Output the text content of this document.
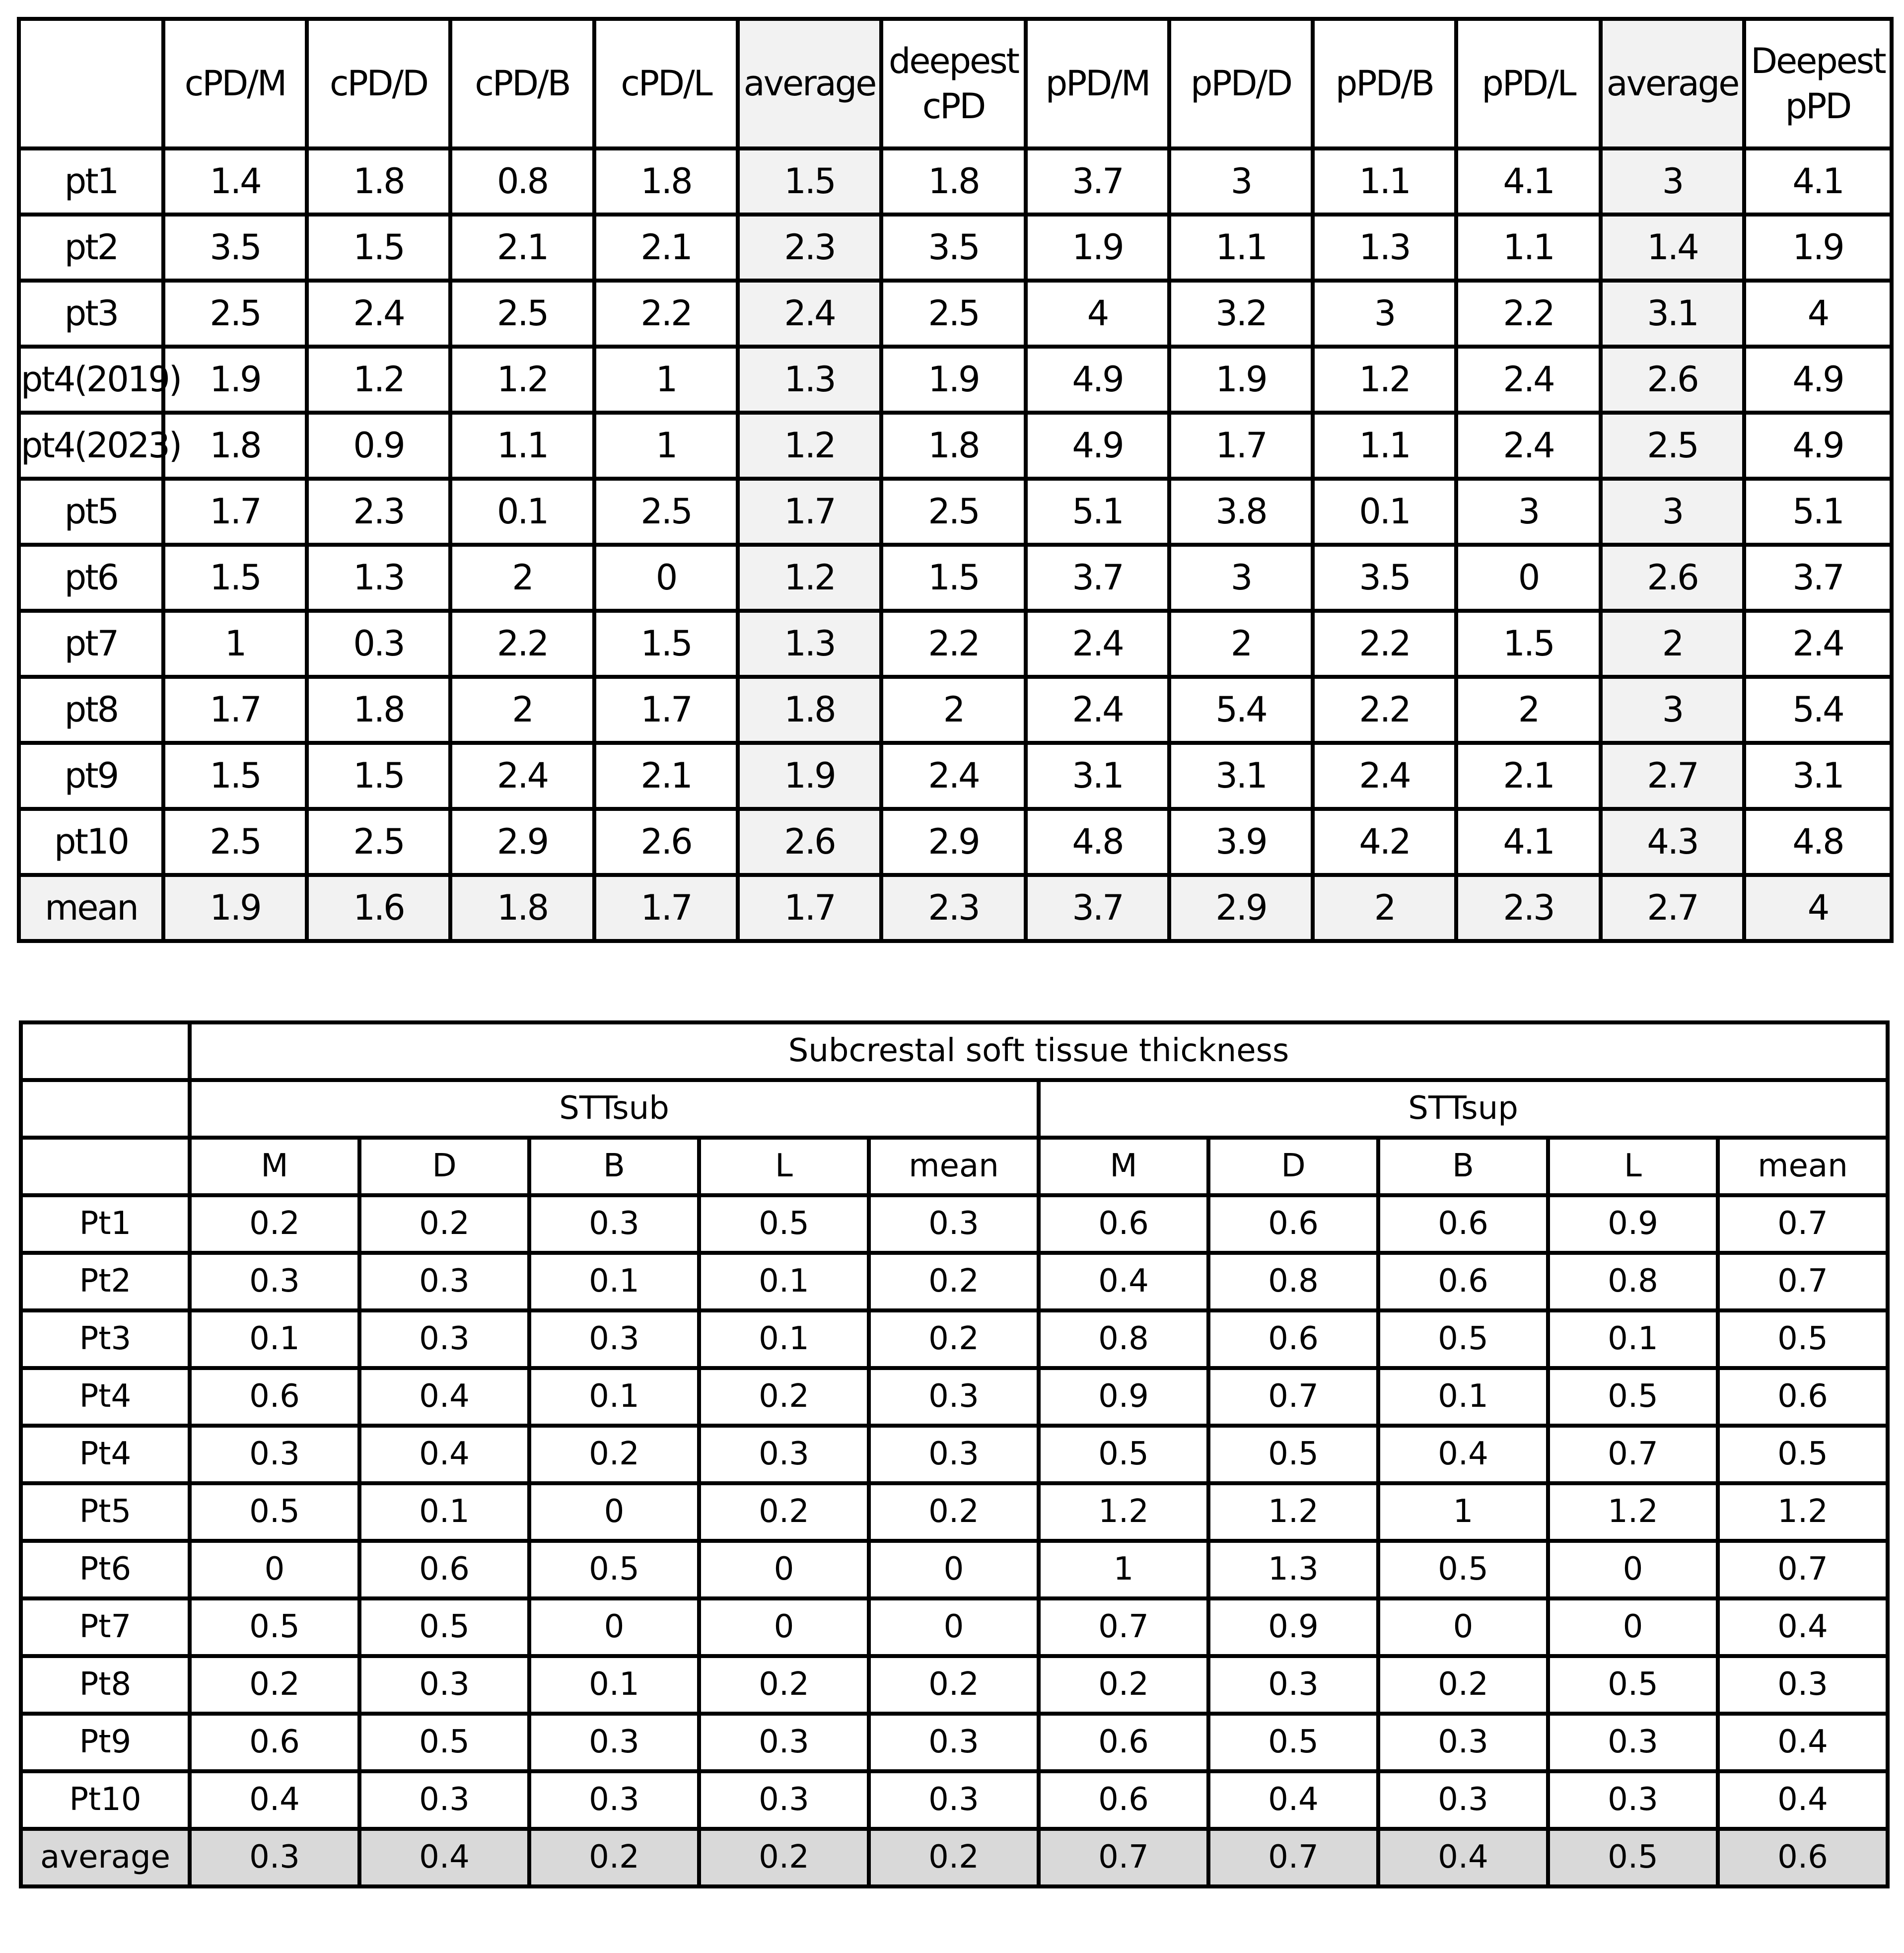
	cPD/M	cPD/D	cPD/B	cPD/L	average	deepest cPD	pPD/M	pPD/D	pPD/B	pPD/L	average	Deepest pPD
pt1	1.4	1.8	0.8	1.8	1.5	1.8	3.7	3	1.1	4.1	3	4.1
pt2	3.5	1.5	2.1	2.1	2.3	3.5	1.9	1.1	1.3	1.1	1.4	1.9
pt3	2.5	2.4	2.5	2.2	2.4	2.5	4	3.2	3	2.2	3.1	4
pt4(2019)	1.9	1.2	1.2	1	1.3	1.9	4.9	1.9	1.2	2.4	2.6	4.9
pt4(2023)	1.8	0.9	1.1	1	1.2	1.8	4.9	1.7	1.1	2.4	2.5	4.9
pt5	1.7	2.3	0.1	2.5	1.7	2.5	5.1	3.8	0.1	3	3	5.1
pt6	1.5	1.3	2	0	1.2	1.5	3.7	3	3.5	0	2.6	3.7
pt7	1	0.3	2.2	1.5	1.3	2.2	2.4	2	2.2	1.5	2	2.4
pt8	1.7	1.8	2	1.7	1.8	2	2.4	5.4	2.2	2	3	5.4
pt9	1.5	1.5	2.4	2.1	1.9	2.4	3.1	3.1	2.4	2.1	2.7	3.1
pt10	2.5	2.5	2.9	2.6	2.6	2.9	4.8	3.9	4.2	4.1	4.3	4.8
mean	1.9	1.6	1.8	1.7	1.7	2.3	3.7	2.9	2	2.3	2.7	4
	Subcrestal soft tissue thickness									
	STTsub					STTsup				
	M	D	B	L	mean	M	D	B	L	mean
Pt1	0.2	0.2	0.3	0.5	0.3	0.6	0.6	0.6	0.9	0.7
Pt2	0.3	0.3	0.1	0.1	0.2	0.4	0.8	0.6	0.8	0.7
Pt3	0.1	0.3	0.3	0.1	0.2	0.8	0.6	0.5	0.1	0.5
Pt4	0.6	0.4	0.1	0.2	0.3	0.9	0.7	0.1	0.5	0.6
Pt4	0.3	0.4	0.2	0.3	0.3	0.5	0.5	0.4	0.7	0.5
Pt5	0.5	0.1	0	0.2	0.2	1.2	1.2	1	1.2	1.2
Pt6	0	0.6	0.5	0	0	1	1.3	0.5	0	0.7
Pt7	0.5	0.5	0	0	0	0.7	0.9	0	0	0.4
Pt8	0.2	0.3	0.1	0.2	0.2	0.2	0.3	0.2	0.5	0.3
Pt9	0.6	0.5	0.3	0.3	0.3	0.6	0.5	0.3	0.3	0.4
Pt10	0.4	0.3	0.3	0.3	0.3	0.6	0.4	0.3	0.3	0.4
average	0.3	0.4	0.2	0.2	0.2	0.7	0.7	0.4	0.5	0.6
